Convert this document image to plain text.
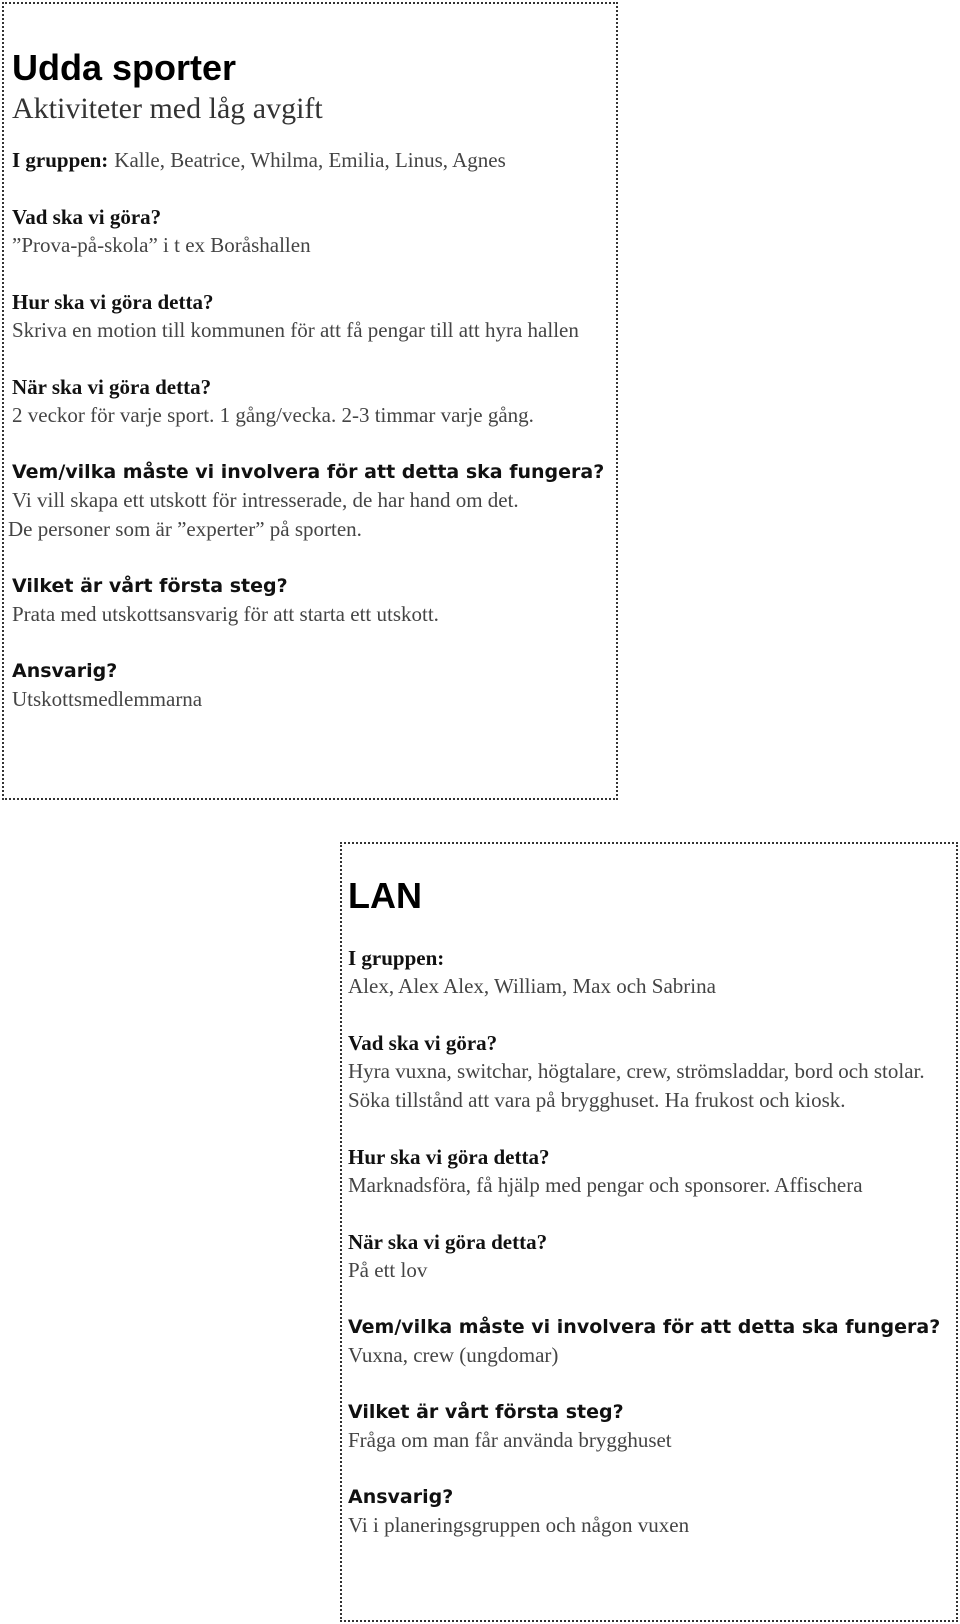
Udda sporter
Aktiviteter med låg avgift
I gruppen: Kalle, Beatrice, Whilma, Emilia, Linus, Agnes
Vad ska vi göra?
”Prova-på-skola” i t ex Boråshallen
Hur ska vi göra detta?
Skriva en motion till kommunen för att få pengar till att hyra hallen
När ska vi göra detta?
2 veckor för varje sport. 1 gång/vecka. 2-3 timmar varje gång.
Vem/vilka måste vi involvera för att detta ska fungera?
Vi vill skapa ett utskott för intresserade, de har hand om det.
De personer som är ”experter” på sporten.
Vilket är vårt första steg?
Prata med utskottsansvarig för att starta ett utskott.
Ansvarig?
Utskottsmedlemmarna
LAN
I gruppen:
Alex, Alex Alex, William, Max och Sabrina
Vad ska vi göra?
Hyra vuxna, switchar, högtalare, crew, strömsladdar, bord och stolar. Söka tillstånd att vara på brygghuset. Ha frukost och kiosk.
Hur ska vi göra detta?
Marknadsföra, få hjälp med pengar och sponsorer. Affischera
När ska vi göra detta?
På ett lov
Vem/vilka måste vi involvera för att detta ska fungera?
Vuxna, crew (ungdomar)
Vilket är vårt första steg?
Fråga om man får använda brygghuset
Ansvarig?
Vi i planeringsgruppen och någon vuxen
